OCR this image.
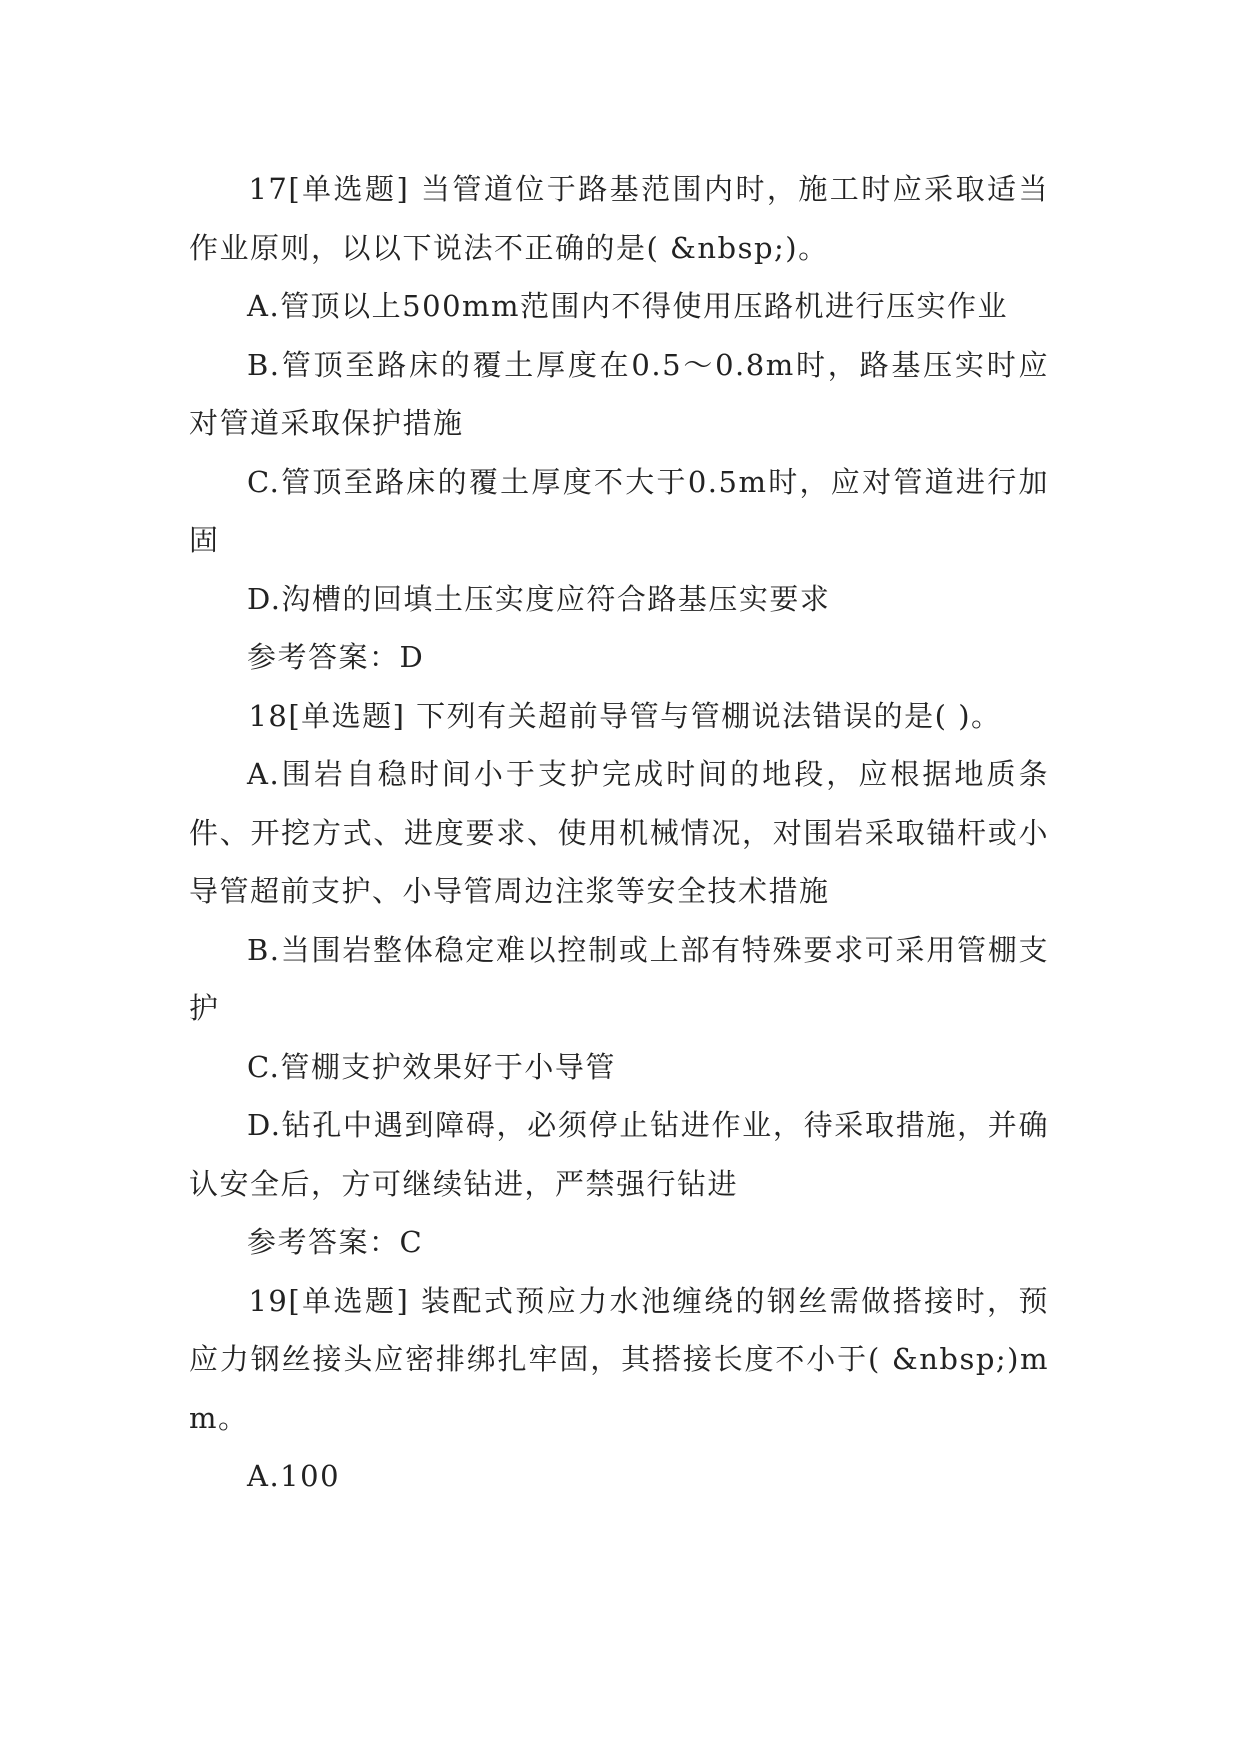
17[单选题] 当管道位于路基范围内时，施工时应采取适当作业原则，以以下说法不正确的是( &nbsp;)。

A.管顶以上500mm范围内不得使用压路机进行压实作业

B.管顶至路床的覆土厚度在0.5～0.8m时，路基压实时应对管道采取保护措施

C.管顶至路床的覆土厚度不大于0.5m时，应对管道进行加固

D.沟槽的回填土压实度应符合路基压实要求

参考答案：D

18[单选题] 下列有关超前导管与管棚说法错误的是( )。

A.围岩自稳时间小于支护完成时间的地段，应根据地质条件、开挖方式、进度要求、使用机械情况，对围岩采取锚杆或小导管超前支护、小导管周边注浆等安全技术措施

B.当围岩整体稳定难以控制或上部有特殊要求可采用管棚支护

C.管棚支护效果好于小导管

D.钻孔中遇到障碍，必须停止钻进作业，待采取措施，并确认安全后，方可继续钻进，严禁强行钻进

参考答案：C

19[单选题] 装配式预应力水池缠绕的钢丝需做搭接时，预应力钢丝接头应密排绑扎牢固，其搭接长度不小于( &nbsp;)mm。

A.100
